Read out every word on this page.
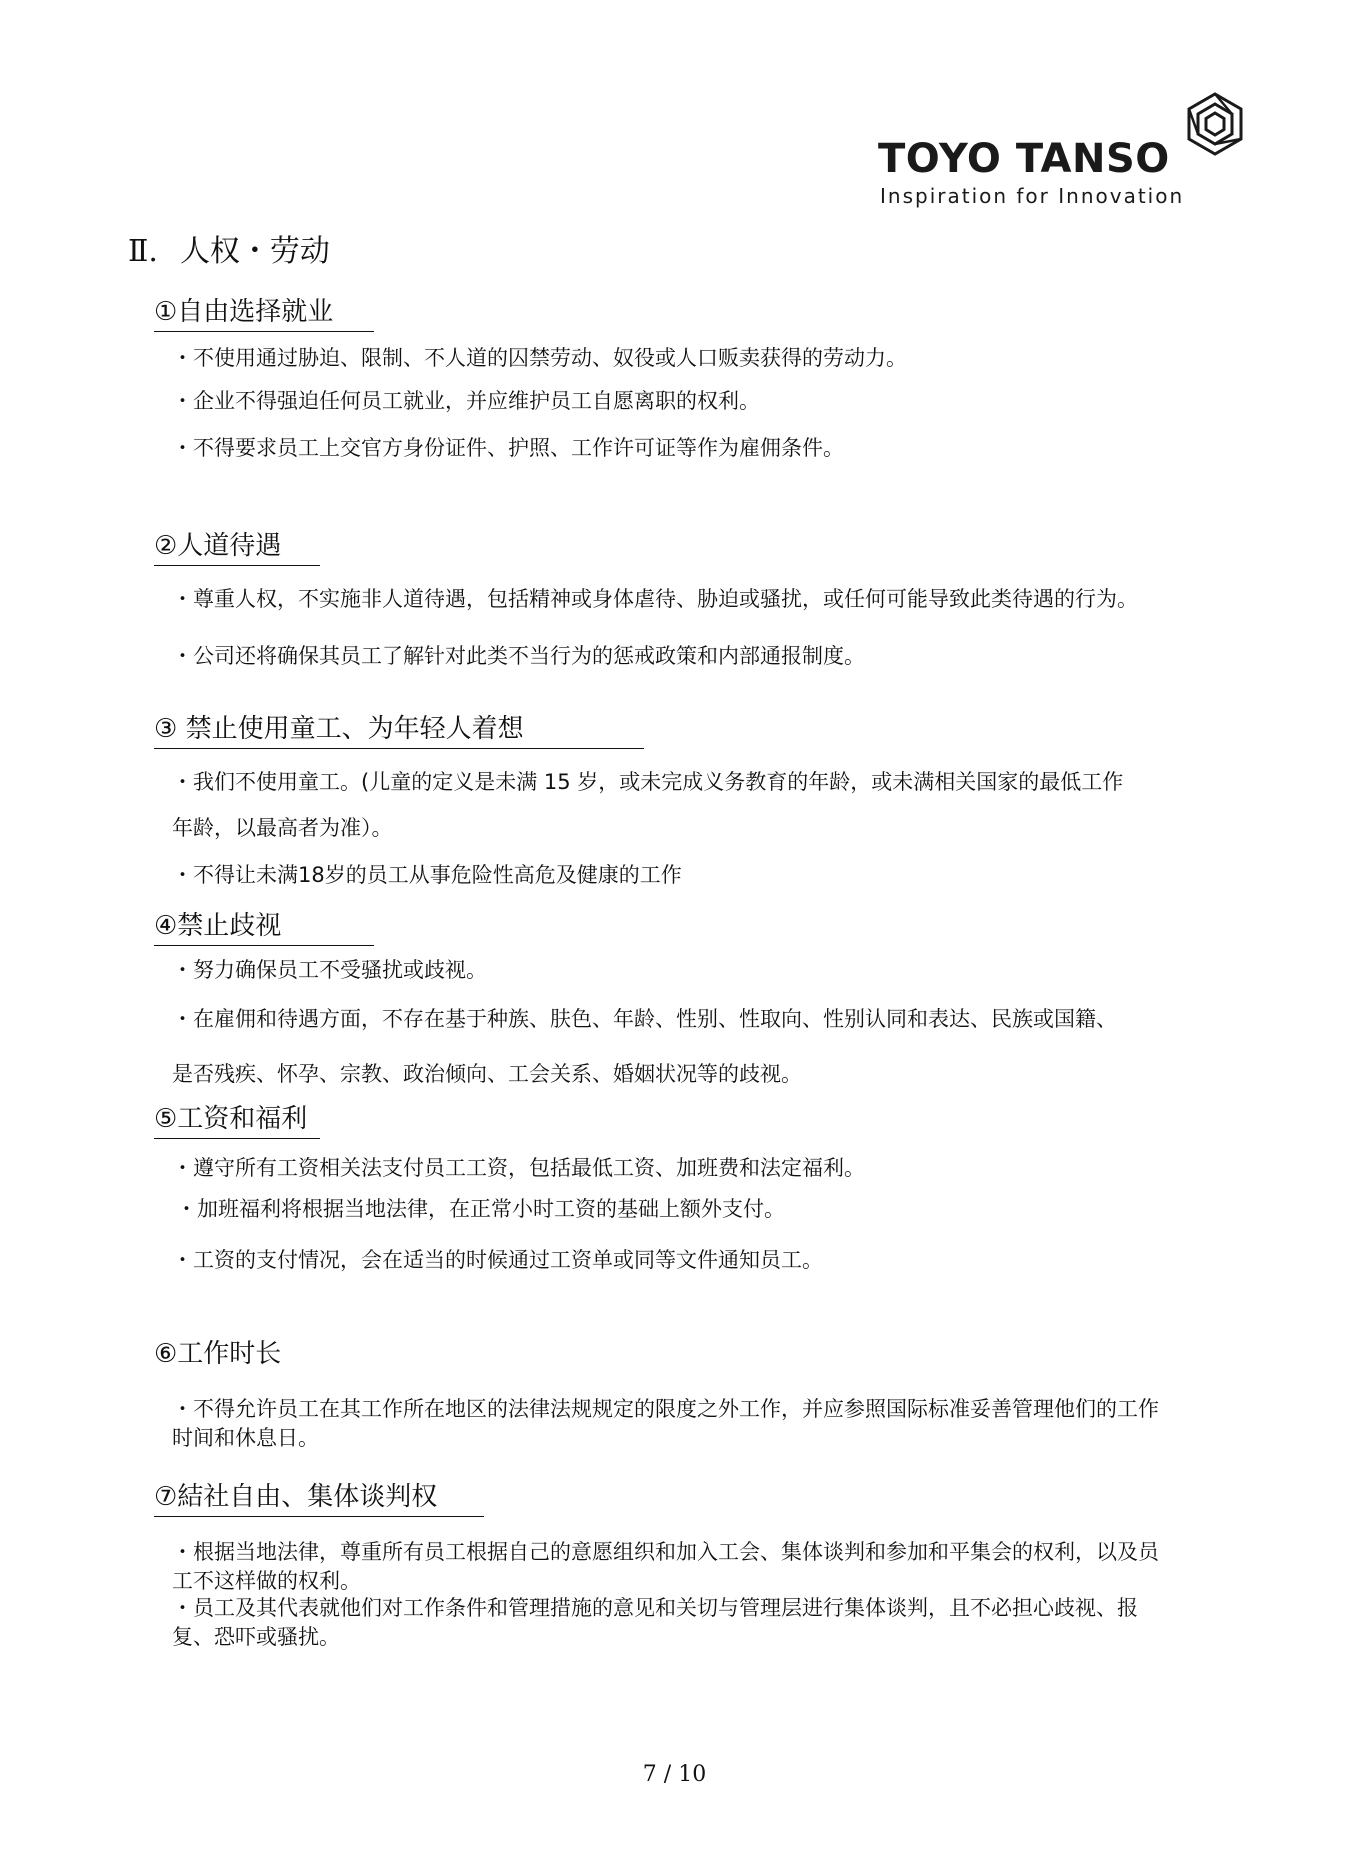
TOYO TANSO
Inspiration for Innovation
Ⅱ. 人权・劳动
①自由选择就业
・不使用通过胁迫、限制、不人道的囚禁劳动、奴役或人口贩卖获得的劳动力。
・企业不得强迫任何员工就业，并应维护员工自愿离职的权利。
・不得要求员工上交官方身份证件、护照、工作许可证等作为雇佣条件。
②人道待遇
・尊重人权，不实施非人道待遇，包括精神或身体虐待、胁迫或骚扰，或任何可能导致此类待遇的行为。
・公司还将确保其员工了解针对此类不当行为的惩戒政策和内部通报制度。
③ 禁止使用童工、为年轻人着想
・我们不使用童工。(儿童的定义是未满 15 岁，或未完成义务教育的年龄，或未满相关国家的最低工作
年龄，以最高者为准）。
・不得让未满18岁的员工从事危险性高危及健康的工作
④禁止歧视
・努力确保员工不受骚扰或歧视。
・在雇佣和待遇方面，不存在基于种族、肤色、年龄、性别、性取向、性别认同和表达、民族或国籍、
是否残疾、怀孕、宗教、政治倾向、工会关系、婚姻状况等的歧视。
⑤工资和福利
・遵守所有工资相关法支付员工工资，包括最低工资、加班费和法定福利。
・加班福利将根据当地法律，在正常小时工资的基础上额外支付。
・工资的支付情况，会在适当的时候通过工资单或同等文件通知员工。
⑥工作时长
・不得允许员工在其工作所在地区的法律法规规定的限度之外工作，并应参照国际标准妥善管理他们的工作
时间和休息日。
⑦結社自由、集体谈判权
・根据当地法律，尊重所有员工根据自己的意愿组织和加入工会、集体谈判和参加和平集会的权利，以及员
工不这样做的权利。
・员工及其代表就他们对工作条件和管理措施的意见和关切与管理层进行集体谈判，且不必担心歧视、报
复、恐吓或骚扰。
7 / 10
